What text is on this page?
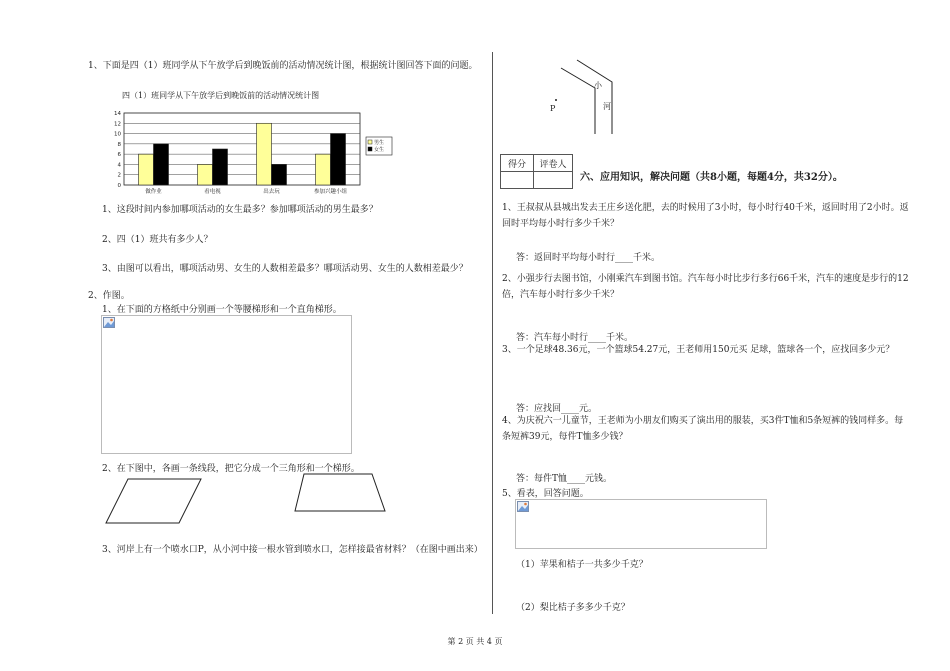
1、下面是四（1）班同学从下午放学后到晚饭前的活动情况统计图，根据统计图回答下面的问题。
四（1）班同学从下午放学后到晚饭前的活动情况统计图
0
2
4
6
8
10
12
14
做作业	看电视	出去玩	参加兴趣小组
男生
女生
1、这段时间内参加哪项活动的女生最多？参加哪项活动的男生最多？
2、四（1）班共有多少人？
3、由图可以看出，哪项活动男、女生的人数相差最多？哪项活动男、女生的人数相差最少？
2、作图。
1、在下面的方格纸中分别画一个等腰梯形和一个直角梯形。
2、在下图中，各画一条线段，把它分成一个三角形和一个梯形。
3、河岸上有一个喷水口P，从小河中接一根水管到喷水口，怎样接最省材料？（在图中画出来）
小
河
P
得分	评卷人

六、应用知识，解决问题（共8小题，每题4分，共32分）。
1、王叔叔从县城出发去王庄乡送化肥，去的时候用了3小时，每小时行40千米，返回时用了2小时。返回时平均每小时行多少千米？
答：返回时平均每小时行____千米。
2、小强步行去图书馆，小刚乘汽车到图书馆。汽车每小时比步行多行66千米，汽车的速度是步行的12倍，汽车每小时行多少千米？
答：汽车每小时行____千米。
3、一个足球48.36元，一个篮球54.27元，王老师用150元买 足球，篮球各一个，应找回多少元？
答：应找回____元。
4、为庆祝六一儿童节，王老师为小朋友们购买了演出用的服装，买3件T恤和5条短裤的钱同样多。每条短裤39元，每件T恤多少钱？
答：每件T恤____元钱。
5、看表，回答问题。
（1）苹果和桔子一共多少千克？
（2）梨比桔子多多少千克？
第 2 页 共 4 页
